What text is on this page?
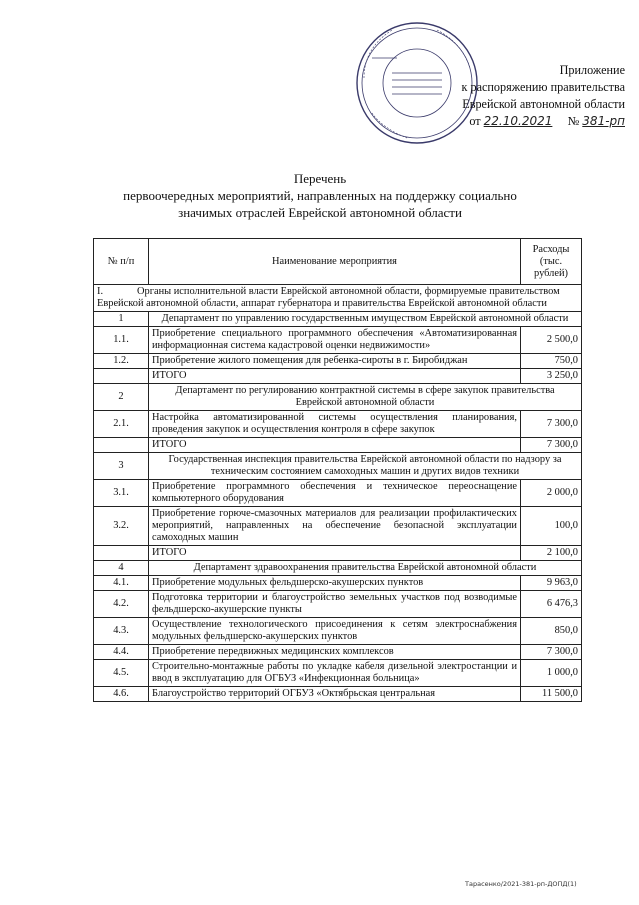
Приложение
к распоряжению правительства
Еврейской автономной области
от 22.10.2021 № 381-рп
Перечень
первоочередных мероприятий, направленных на поддержку социально
значимых отраслей Еврейской автономной области
№ п/п	Наименование мероприятия	Расходы (тыс. рублей)
I. Органы исполнительной власти Еврейской автономной области, формируемые правительством Еврейской автономной области, аппарат губернатора и правительства Еврейской автономной области		
1	Департамент по управлению государственным имуществом Еврейской автономной области	
1.1.	Приобретение специального программного обеспечения «Автоматизированная информационная система кадастровой оценки недвижимости»	2 500,0
1.2.	Приобретение жилого помещения для ребенка-сироты в г. Биробиджан	750,0
	ИТОГО	3 250,0
2	Департамент по регулированию контрактной системы в сфере закупок правительства Еврейской автономной области	
2.1.	Настройка автоматизированной системы осуществления планирования, проведения закупок и осуществления контроля в сфере закупок	7 300,0
	ИТОГО	7 300,0
3	Государственная инспекция правительства Еврейской автономной области по надзору за техническим состоянием самоходных машин и других видов техники	
3.1.	Приобретение программного обеспечения и техническое переоснащение компьютерного оборудования	2 000,0
3.2.	Приобретение горюче-смазочных материалов для реализации профилактических мероприятий, направленных на обеспечение безопасной эксплуатации самоходных машин	100,0
	ИТОГО	2 100,0
4	Департамент здравоохранения правительства Еврейской автономной области	
4.1.	Приобретение модульных фельдшерско-акушерских пунктов	9 963,0
4.2.	Подготовка территории и благоустройство земельных участков под возводимые фельдшерско-акушерские пункты	6 476,3
4.3.	Осуществление технологического присоединения к сетям электроснабжения модульных фельдшерско-акушерских пунктов	850,0
4.4.	Приобретение передвижных медицинских комплексов	7 300,0
4.5.	Строительно-монтажные работы по укладке кабеля дизельной электростанции и ввод в эксплуатацию для ОГБУЗ «Инфекционная больница»	1 000,0
4.6.	Благоустройство территорий ОГБУЗ «Октябрьская центральная	11 500,0
Тарасенко/2021-381-рп-ДОПД(1)
